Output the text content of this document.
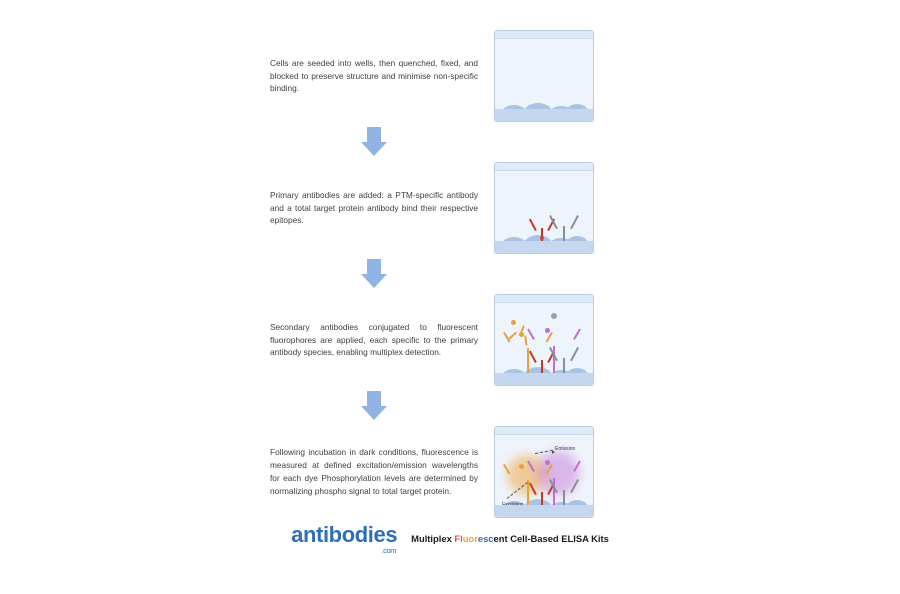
Cells are seeded into wells, then quenched, fixed, and blocked to preserve structure and minimise non-specific binding.
Primary antibodies are added: a PTM-specific antibody and a total target protein antibody bind their respective epitopes.
Secondary antibodies conjugated to fluorescent fluorophores are applied, each specific to the primary antibody species, enabling multiplex detection.
Following incubation in dark conditions, fluorescence is measured at defined excitation/emission wavelengths for each dye Phosphorylation levels are determined by normalizing phospho signal to total target protein.
Emission
antibodies
.com
Multiplex Fluorescent Cell-Based ELISA Kits
